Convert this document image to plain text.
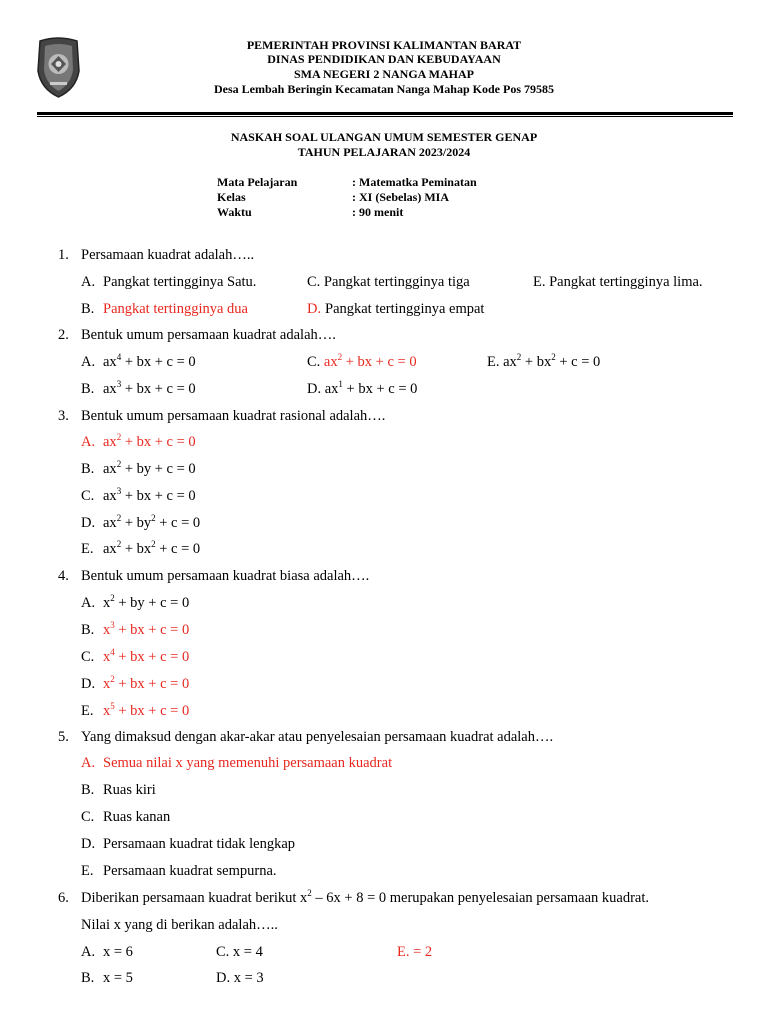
PEMERINTAH PROVINSI KALIMANTAN BARAT
DINAS PENDIDIKAN DAN KEBUDAYAAN
SMA NEGERI 2 NANGA MAHAP
Desa Lembah Beringin Kecamatan Nanga Mahap Kode Pos 79585
NASKAH SOAL ULANGAN UMUM SEMESTER GENAP
TAHUN PELAJARAN 2023/2024
Mata Pelajaran	: Matematka Peminatan
Kelas	: XI (Sebelas) MIA
Waktu	: 90 menit
1. Persamaan kuadrat adalah…..
A. Pangkat tertingginya Satu.	C. Pangkat tertingginya tiga	E. Pangkat tertingginya lima.
B. Pangkat tertingginya dua	D. Pangkat tertingginya empat
2. Bentuk umum persamaan kuadrat adalah….
A. $ax^4$ + bx + c = 0	C. $ax^2$ + bx + c = 0	E. $ax^2 + bx^2 + c = 0$
B. $ax^3$ + bx + c = 0	D. $ax^1$ + bx + c = 0
3. Bentuk umum persamaan kuadrat rasional adalah….
A. $ax^2$ + bx + c = 0
B. $ax^2$ + by + c = 0
C. $ax^3$ + bx + c = 0
D. $ax^2 + by^2 + c = 0$
E. $ax^2 + bx^2 + c = 0$
4. Bentuk umum persamaan kuadrat biasa adalah….
A. $x^2$ + by + c = 0
B. $x^3$ + bx + c = 0
C. $x^4$ + bx + c = 0
D. $x^2$ + bx + c = 0
E. $x^5$ + bx + c = 0
5. Yang dimaksud dengan akar-akar atau penyelesaian persamaan kuadrat adalah….
A. Semua nilai x yang memenuhi persamaan kuadrat
B. Ruas kiri
C. Ruas kanan
D. Persamaan kuadrat tidak lengkap
E. Persamaan kuadrat sempurna.
6. Diberikan persamaan kuadrat berikut $x^2 - 6x + 8 = 0$ merupakan penyelesaian persamaan kuadrat.
Nilai x yang di berikan adalah…..
A. x = 6	C. x = 4	E. = 2
B. x = 5	D. x = 3
